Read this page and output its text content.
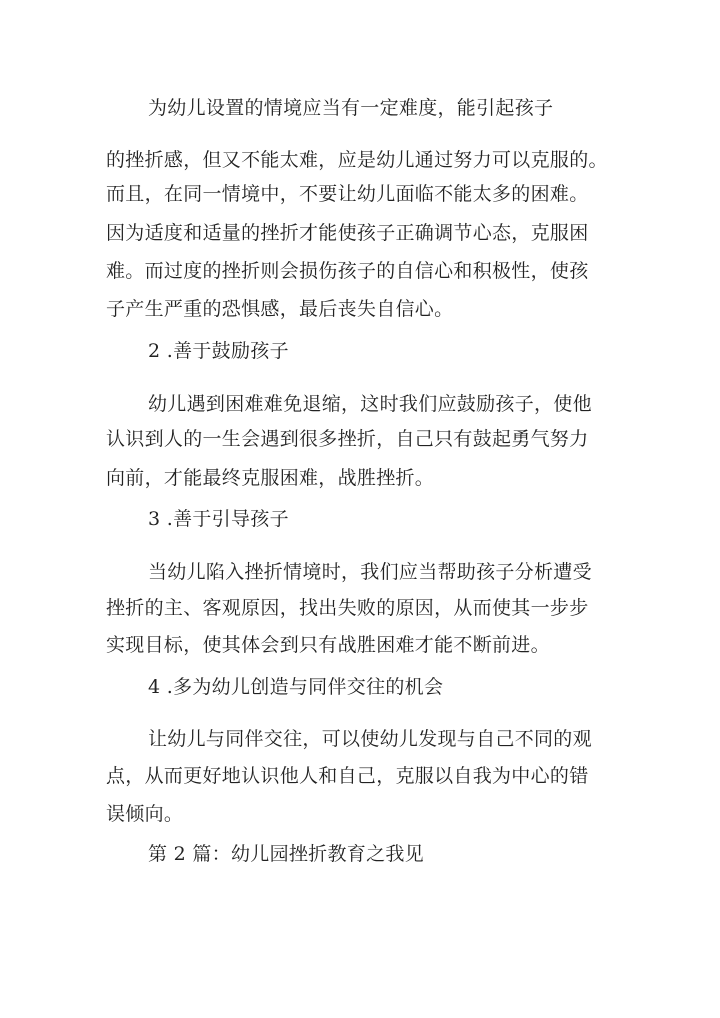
为幼儿设置的情境应当有一定难度，能引起孩子
的挫折感，但又不能太难，应是幼儿通过努力可以克服的。
而且，在同一情境中，不要让幼儿面临不能太多的困难。
因为适度和适量的挫折才能使孩子正确调节心态，克服困
难。而过度的挫折则会损伤孩子的自信心和积极性，使孩
子产生严重的恐惧感，最后丧失自信心。
2 .善于鼓励孩子
幼儿遇到困难难免退缩，这时我们应鼓励孩子，使他
认识到人的一生会遇到很多挫折，自己只有鼓起勇气努力
向前，才能最终克服困难，战胜挫折。
3 .善于引导孩子
当幼儿陷入挫折情境时，我们应当帮助孩子分析遭受
挫折的主、客观原因，找出失败的原因，从而使其一步步
实现目标，使其体会到只有战胜困难才能不断前进。
4 .多为幼儿创造与同伴交往的机会
让幼儿与同伴交往，可以使幼儿发现与自己不同的观
点，从而更好地认识他人和自己，克服以自我为中心的错
误倾向。
第 2 篇：幼儿园挫折教育之我见
